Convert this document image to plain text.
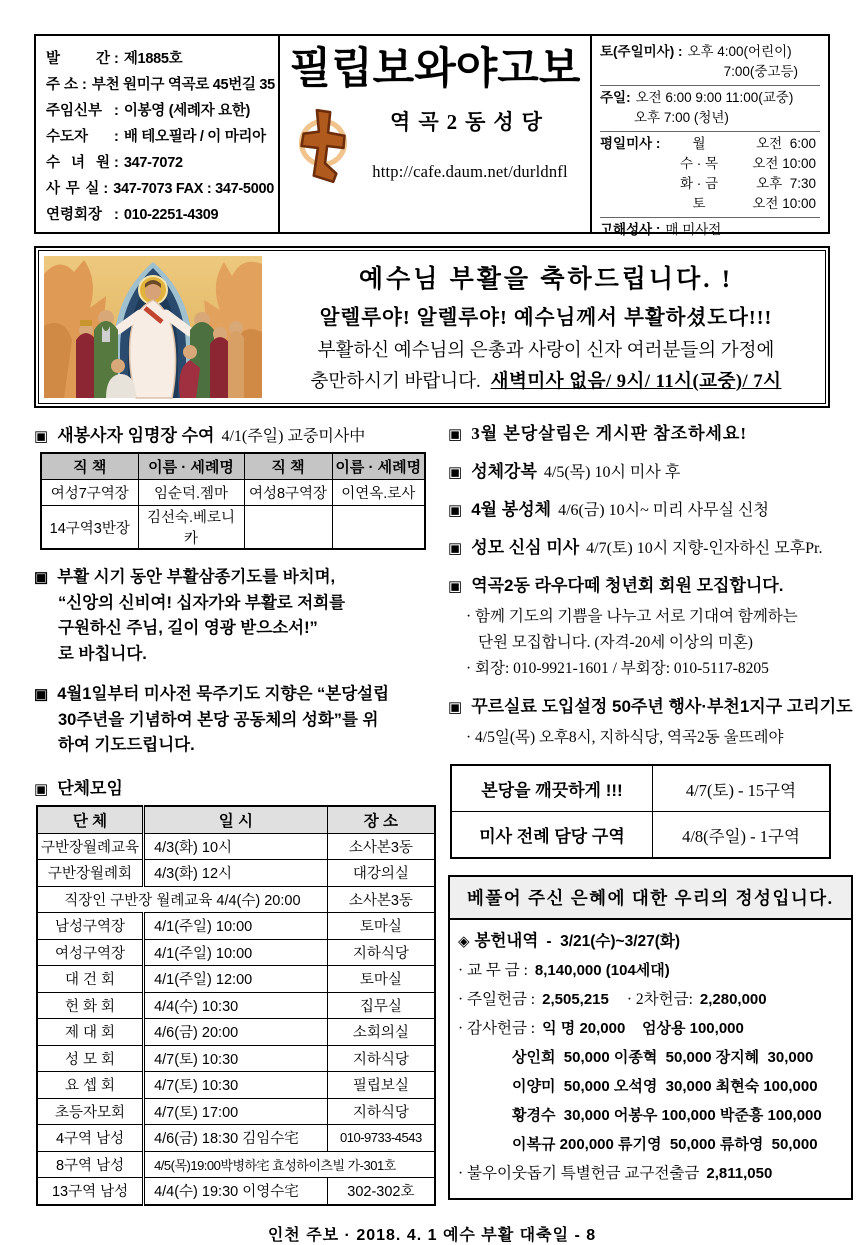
발 간 : 제1885호
주 소 : 부천 원미구 역곡로 45번길 35
주임신부 : 이봉영 (세례자 요한)
수도자	: 배 테오필라 / 이 마리아
수 녀 원 : 347-7072
사 무 실 : 347-7073 FAX : 347-5000
연령회장 : 010-2251-4309
필립보와야고보
역곡2동성당
http://cafe.daum.net/durldnfl
토(주일미사) : 오후 4:00(어린이)
7:00(중고등)
주일: 오전 6:00 9:00 11:00(교중)
오후 7:00 (청년)
평일미사 :	월	오전  6:00
수 · 목	오전 10:00
화 · 금	오후  7:30
토	오전 10:00
고해성사 : 매 미사전
예수님 부활을 축하드립니다. !
알렐루야! 알렐루야! 예수님께서 부활하셨도다!!!
부활하신 예수님의 은총과 사랑이 신자 여러분들의 가정에
충만하시기 바랍니다. 새벽미사 없음/ 9시/ 11시(교중)/ 7시
▣ 새봉사자 임명장 수여 4/1(주일) 교중미사中
직 책	이름 · 세례명	직 책	이름 · 세례명
여성7구역장	임순덕.젬마	여성8구역장	이연옥.로사
14구역3반장	김선숙.베로니카		
▣ 부활 시기 동안 부활삼종기도를 바치며,
“신앙의 신비여! 십자가와 부활로 저희를
구원하신 주님, 길이 영광 받으소서!”
로 바칩니다.
▣ 4월1일부터 미사전 묵주기도 지향은 “본당설립
30주년을 기념하여 본당 공동체의 성화”를 위
하여 기도드립니다.
▣ 단체모임
단 체	일 시	장 소
구반장월례교육	4/3(화) 10시	소사본3동
구반장월례회	4/3(화) 12시	대강의실
직장인 구반장 월례교육 4/4(수) 20:00		소사본3동
남성구역장	4/1(주일) 10:00	토마실
여성구역장	4/1(주일) 10:00	지하식당
대 건 회	4/1(주일) 12:00	토마실
헌 화 회	4/4(수) 10:30	집무실
제 대 회	4/6(금) 20:00	소회의실
성 모 회	4/7(토) 10:30	지하식당
요 셉 회	4/7(토) 10:30	필립보실
초등자모회	4/7(토) 17:00	지하식당
4구역 남성	4/6(금) 18:30 김임수宅	010-9733-4543
8구역 남성	4/5(목)19:00박병하宅 효성하이츠빌 가-301호	
13구역 남성	4/4(수) 19:30 이영수宅	302-302호
▣ 3월 본당살림은 게시판 참조하세요!
▣ 성체강복 4/5(목) 10시 미사 후
▣ 4월 봉성체 4/6(금) 10시~ 미리 사무실 신청
▣ 성모 신심 미사 4/7(토) 10시 지향-인자하신 모후Pr.
▣ 역곡2동 라우다떼 청년회 회원 모집합니다.
· 함께 기도의 기쁨을 나누고 서로 기대여 함께하는
단원 모집합니다. (자격-20세 이상의 미혼)
· 회장: 010-9921-1601 / 부회장: 010-5117-8205
▣ 꾸르실료 도입설정 50주년 행사·부천1지구 고리기도
· 4/5일(목) 오후8시, 지하식당, 역곡2동 울뜨레야
본당을 깨끗하게 !!!	4/7(토) - 15구역
미사 전례 담당 구역	4/8(주일) - 1구역
베풀어 주신 은혜에 대한 우리의 정성입니다.
◈ 봉헌내역 -  3/21(수)~3/27(화)
· 교 무 금 : 8,140,000 (104세대)
· 주일헌금 : 2,505,215 · 2차헌금: 2,280,000
· 감사헌금 : 익 명 20,000    엄상용 100,000
상인희  50,000 이종혁  50,000 장지혜  30,000
이양미  50,000 오석영  30,000 최현숙 100,000
황경수  30,000 어봉우 100,000 박준흥 100,000
이복규 200,000 류기영  50,000 류하영  50,000
· 불우이웃돕기 특별헌금 교구전출금 2,811,050
인천 주보 · 2018. 4. 1 예수 부활 대축일 - 8
